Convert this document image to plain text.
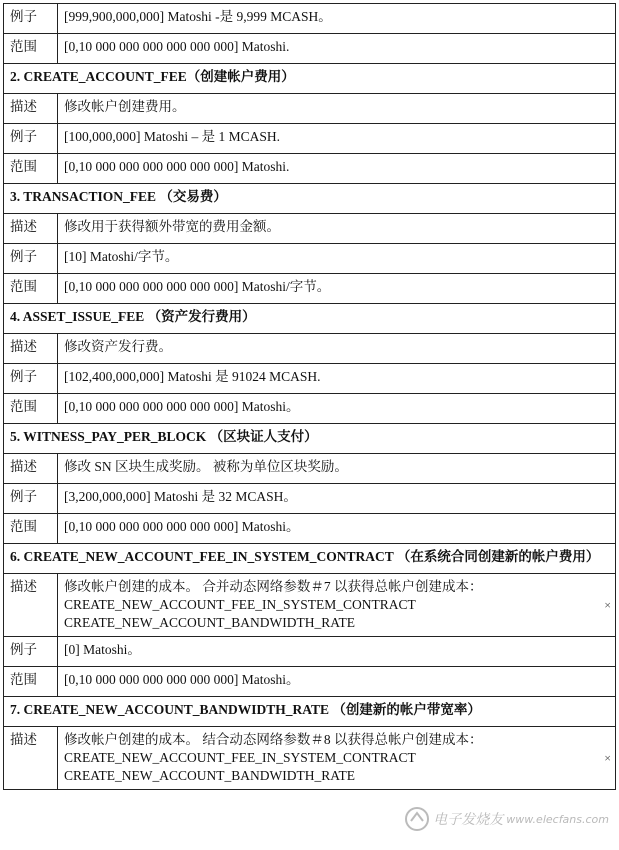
例子	[999,900,000,000] Matoshi -是 9,999 MCASH。
范围	[0,10 000 000 000 000 000 000] Matoshi.
2. CREATE_ACCOUNT_FEE（创建帐户费用）	
描述	修改帐户创建费用。
例子	[100,000,000] Matoshi – 是 1 MCASH.
范围	[0,10 000 000 000 000 000 000] Matoshi.
3. TRANSACTION_FEE （交易费）	
描述	修改用于获得额外带宽的费用金额。
例子	[10] Matoshi/字节。
范围	[0,10 000 000 000 000 000 000] Matoshi/字节。
4. ASSET_ISSUE_FEE （资产发行费用）	
描述	修改资产发行费。
例子	[102,400,000,000] Matoshi 是 91024 MCASH.
范围	[0,10 000 000 000 000 000 000] Matoshi。
5. WITNESS_PAY_PER_BLOCK （区块证人支付）	
描述	修改 SN 区块生成奖励。 被称为单位区块奖励。
例子	[3,200,000,000] Matoshi 是 32 MCASH。
范围	[0,10 000 000 000 000 000 000] Matoshi。
6. CREATE_NEW_ACCOUNT_FEE_IN_SYSTEM_CONTRACT （在系统合同创建新的帐户费用）	
描述	修改帐户创建的成本。 合并动态网络参数＃7 以获得总帐户创建成本：
CREATE_NEW_ACCOUNT_FEE_IN_SYSTEM_CONTRACT ×
CREATE_NEW_ACCOUNT_BANDWIDTH_RATE

例子	[0] Matoshi。
范围	[0,10 000 000 000 000 000 000] Matoshi。
7. CREATE_NEW_ACCOUNT_BANDWIDTH_RATE （创建新的帐户带宽率）	
描述	修改帐户创建的成本。 结合动态网络参数＃8 以获得总帐户创建成本：
CREATE_NEW_ACCOUNT_FEE_IN_SYSTEM_CONTRACT ×
CREATE_NEW_ACCOUNT_BANDWIDTH_RATE
电子发烧友 www.elecfans.com
